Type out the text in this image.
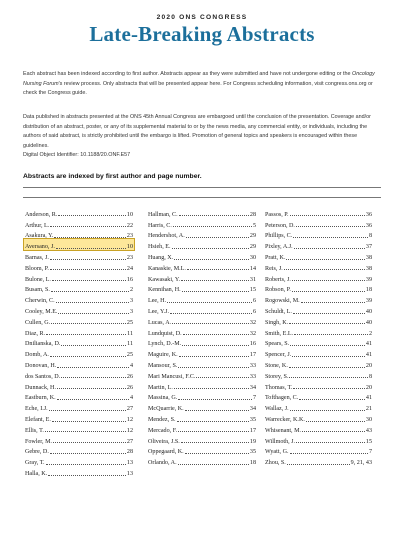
2020 ONS CONGRESS
Late-Breaking Abstracts

Each abstract has been indexed according to first author. Abstracts appear as they were submitted and have not undergone editing or the Oncology Nursing Forum's review process. Only abstracts that will be presented appear here. For Congress scheduling information, visit congress.ons.org or check the Congress guide.

Data published in abstracts presented at the ONS 45th Annual Congress are embargoed until the conclusion of the presentation. Coverage and/or distribution of an abstract, poster, or any of its supplemental material to or by the news media, any commercial entity, or individuals, including the authors of said abstract, is strictly prohibited until the embargo is lifted. Promotion of general topics and speakers is encouraged within these guidelines.

Digital Object Identifier: 10.1188/20.ONF.E57

Abstracts are indexed by first author and page number.
Anderson, R.	10
Arthur, L.	22
Asakura, Y.	23
Aversano, J.	10
Barnas, J.	23
Bloom, P.	24
Bulone, L.	16
Busam, S.	2
Cherwin, C.	3
Cooley, M.E.	3
Cullen, G.	25
Diaz, R.	11
Dnilianska, D.	11
Domb, A.	25
Donovan, H.	4
dos Santos, D.	26
Dunnack, H.	26
Eastburn, K.	4
Eche, I.J.	27
Elefant, E.	12
Ellis, T.	12
Fowler, M.	27
Gebre, D.	28
Gray, T.	13
Halla, K.	13
Hallman, C.	28
Harris, C.	5
Hendershot, A.	29
Hsieh, E.	29
Huang, X.	30
Kanaskie, M.L.	14
Kawasaki, Y.	31
Kennihan, H.	15
Lee, H.	6
Lee, Y.J.	6
Lucas, A.	32
Lundquist, D.	32
Lynch, D.-M.	16
Maguire, K.	17
Mansour, S.	33
Mari Mancusi, F.C.	33
Martin, L.	34
Massina, G.	7
McQuarrie, K.	34
Mendez, S.	35
Mercado, F.	17
Oliveira, J.S.	19
Oppegaard, K.	35
Orlando, A.	18
Passos, P.	36
Peterson, D.	36
Phillips, C.	8
Pixley, A.J.	37
Pratt, K.	38
Reis, J.	38
Roberts, J.	39
Robson, P.	18
Rogowski, M.	39
Schuldt, L.	40
Singh, K.	40
Smith, E.L.	2
Spears, S.	41
Spencer, J.	41
Stone, K.	20
Storey, S.	8
Thomas, T.	20
Tofthagen, C.	41
Wallaz, J.	21
Warrecker, K.K.	30
Whisenant, M.	43
Willmoth, J.	15
Wyatt, G.	7
Zhou, S.	9, 21, 43
